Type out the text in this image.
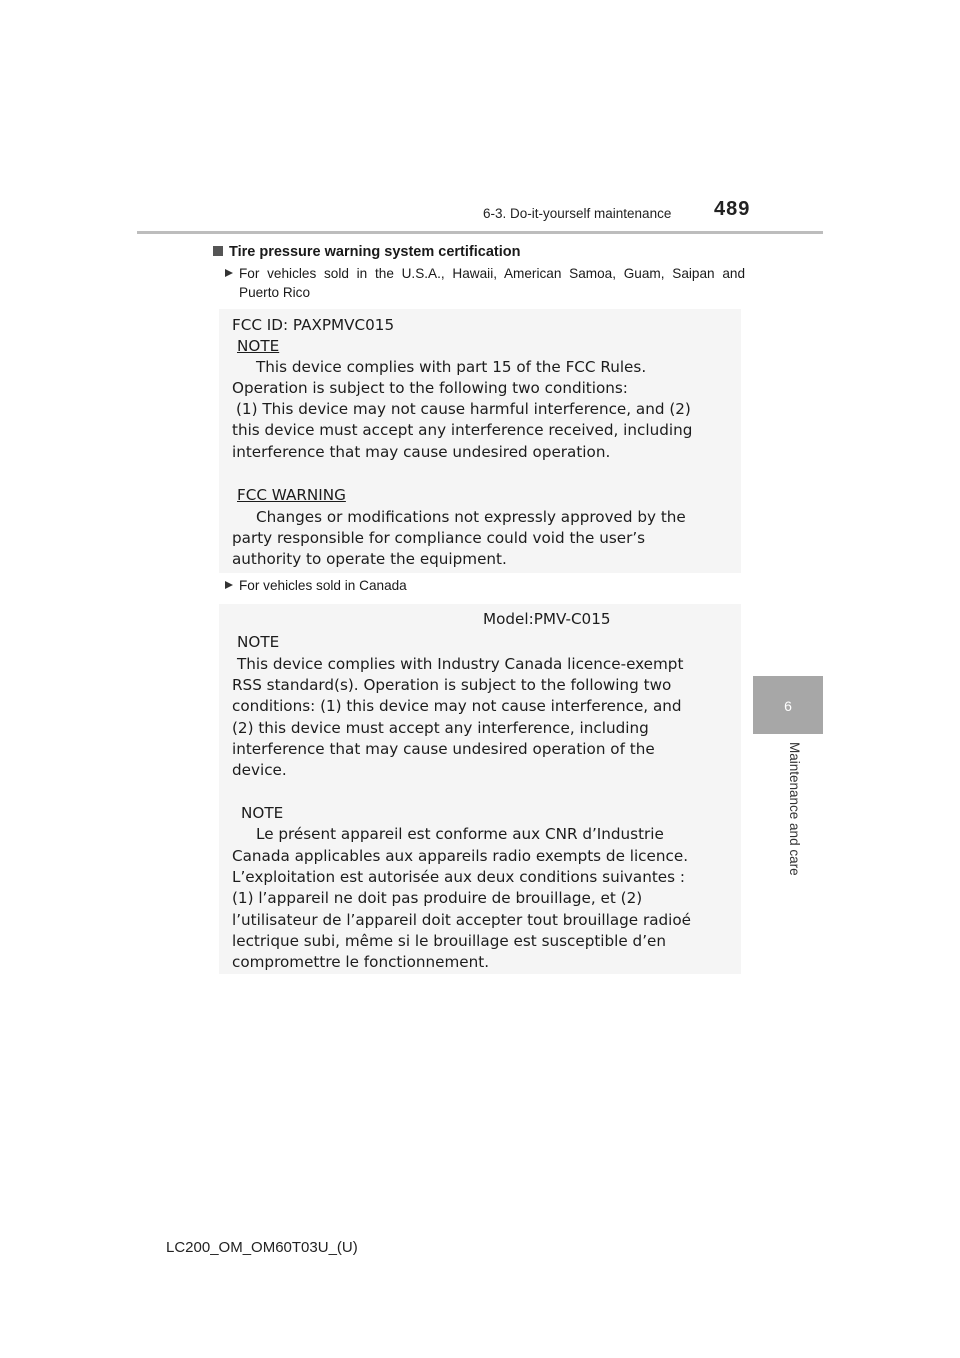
6-3. Do-it-yourself maintenance 489
6
Maintenance and care
Tire pressure warning system certification
For vehicles sold in the U.S.A., Hawaii, American Samoa, Guam, Saipan and Puerto Rico
FCC ID: PAXPMVC015
NOTE
This device complies with part 15 of the FCC Rules.
Operation is subject to the following two conditions:
(1) This device may not cause harmful interference, and (2)
this device must accept any interference received, including
interference that may cause undesired operation.
FCC WARNING
Changes or modifications not expressly approved by the
party responsible for compliance could void the user’s
authority to operate the equipment.
For vehicles sold in Canada
Model:PMV-C015
NOTE
This device complies with Industry Canada licence-exempt
RSS standard(s). Operation is subject to the following two
conditions: (1) this device may not cause interference, and
(2) this device must accept any interference, including
interference that may cause undesired operation of the
device.
NOTE
Le présent appareil est conforme aux CNR d’Industrie
Canada applicables aux appareils radio exempts de licence.
L’exploitation est autorisée aux deux conditions suivantes :
(1) l’appareil ne doit pas produire de brouillage, et (2)
l’utilisateur de l’appareil doit accepter tout brouillage radioé
lectrique subi, même si le brouillage est susceptible d’en
compromettre le fonctionnement.
LC200_OM_OM60T03U_(U)
